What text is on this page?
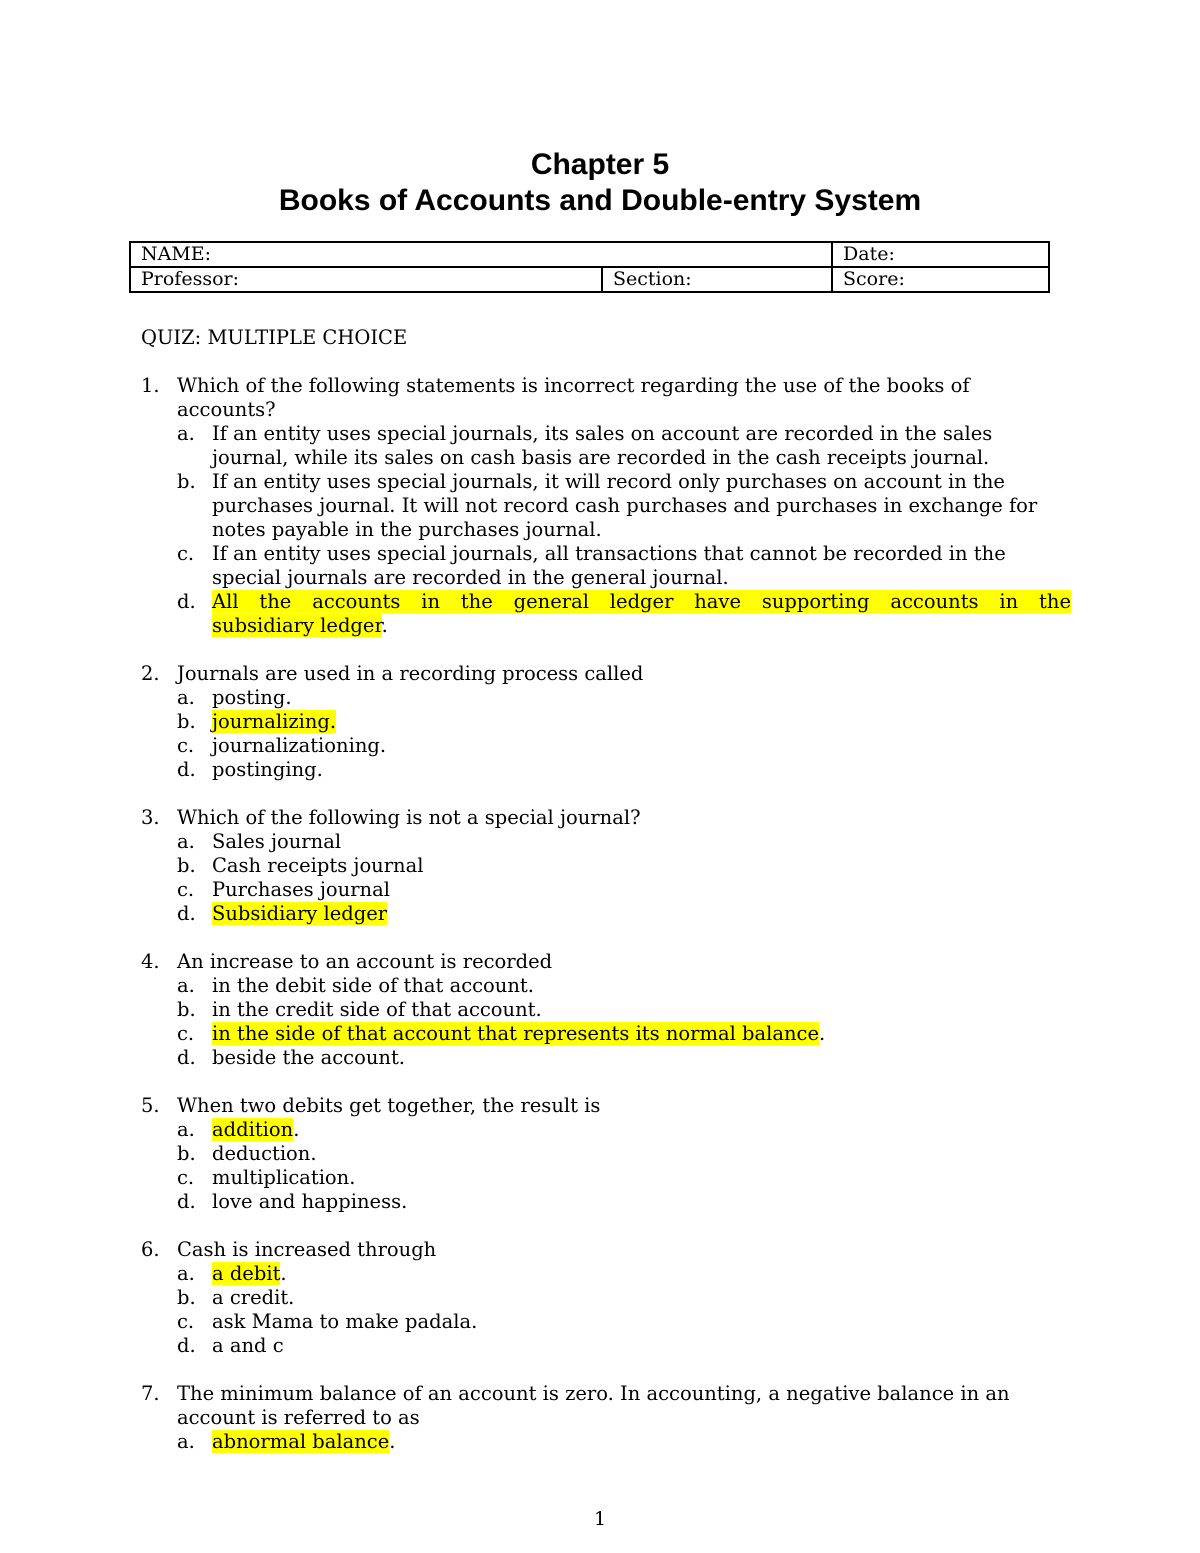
Chapter 5
Books of Accounts and Double-entry System
NAME:		Date:
Professor:	Section:	Score:
QUIZ: MULTIPLE CHOICE
1. Which of the following statements is incorrect regarding the use of the books of accounts?
a. If an entity uses special journals, its sales on account are recorded in the sales journal, while its sales on cash basis are recorded in the cash receipts journal.
b. If an entity uses special journals, it will record only purchases on account in the purchases journal. It will not record cash purchases and purchases in exchange for notes payable in the purchases journal.
c. If an entity uses special journals, all transactions that cannot be recorded in the special journals are recorded in the general journal.
d. All the accounts in the general ledger have supporting accounts in the
subsidiary ledger.
2. Journals are used in a recording process called
a. posting.
b. journalizing.
c. journalizationing.
d. postinging.
3. Which of the following is not a special journal?
a. Sales journal
b. Cash receipts journal
c. Purchases journal
d. Subsidiary ledger
4. An increase to an account is recorded
a. in the debit side of that account.
b. in the credit side of that account.
c. in the side of that account that represents its normal balance.
d. beside the account.
5. When two debits get together, the result is
a. addition.
b. deduction.
c. multiplication.
d. love and happiness.
6. Cash is increased through
a. a debit.
b. a credit.
c. ask Mama to make padala.
d. a and c
7. The minimum balance of an account is zero. In accounting, a negative balance in an account is referred to as
a. abnormal balance.
1
